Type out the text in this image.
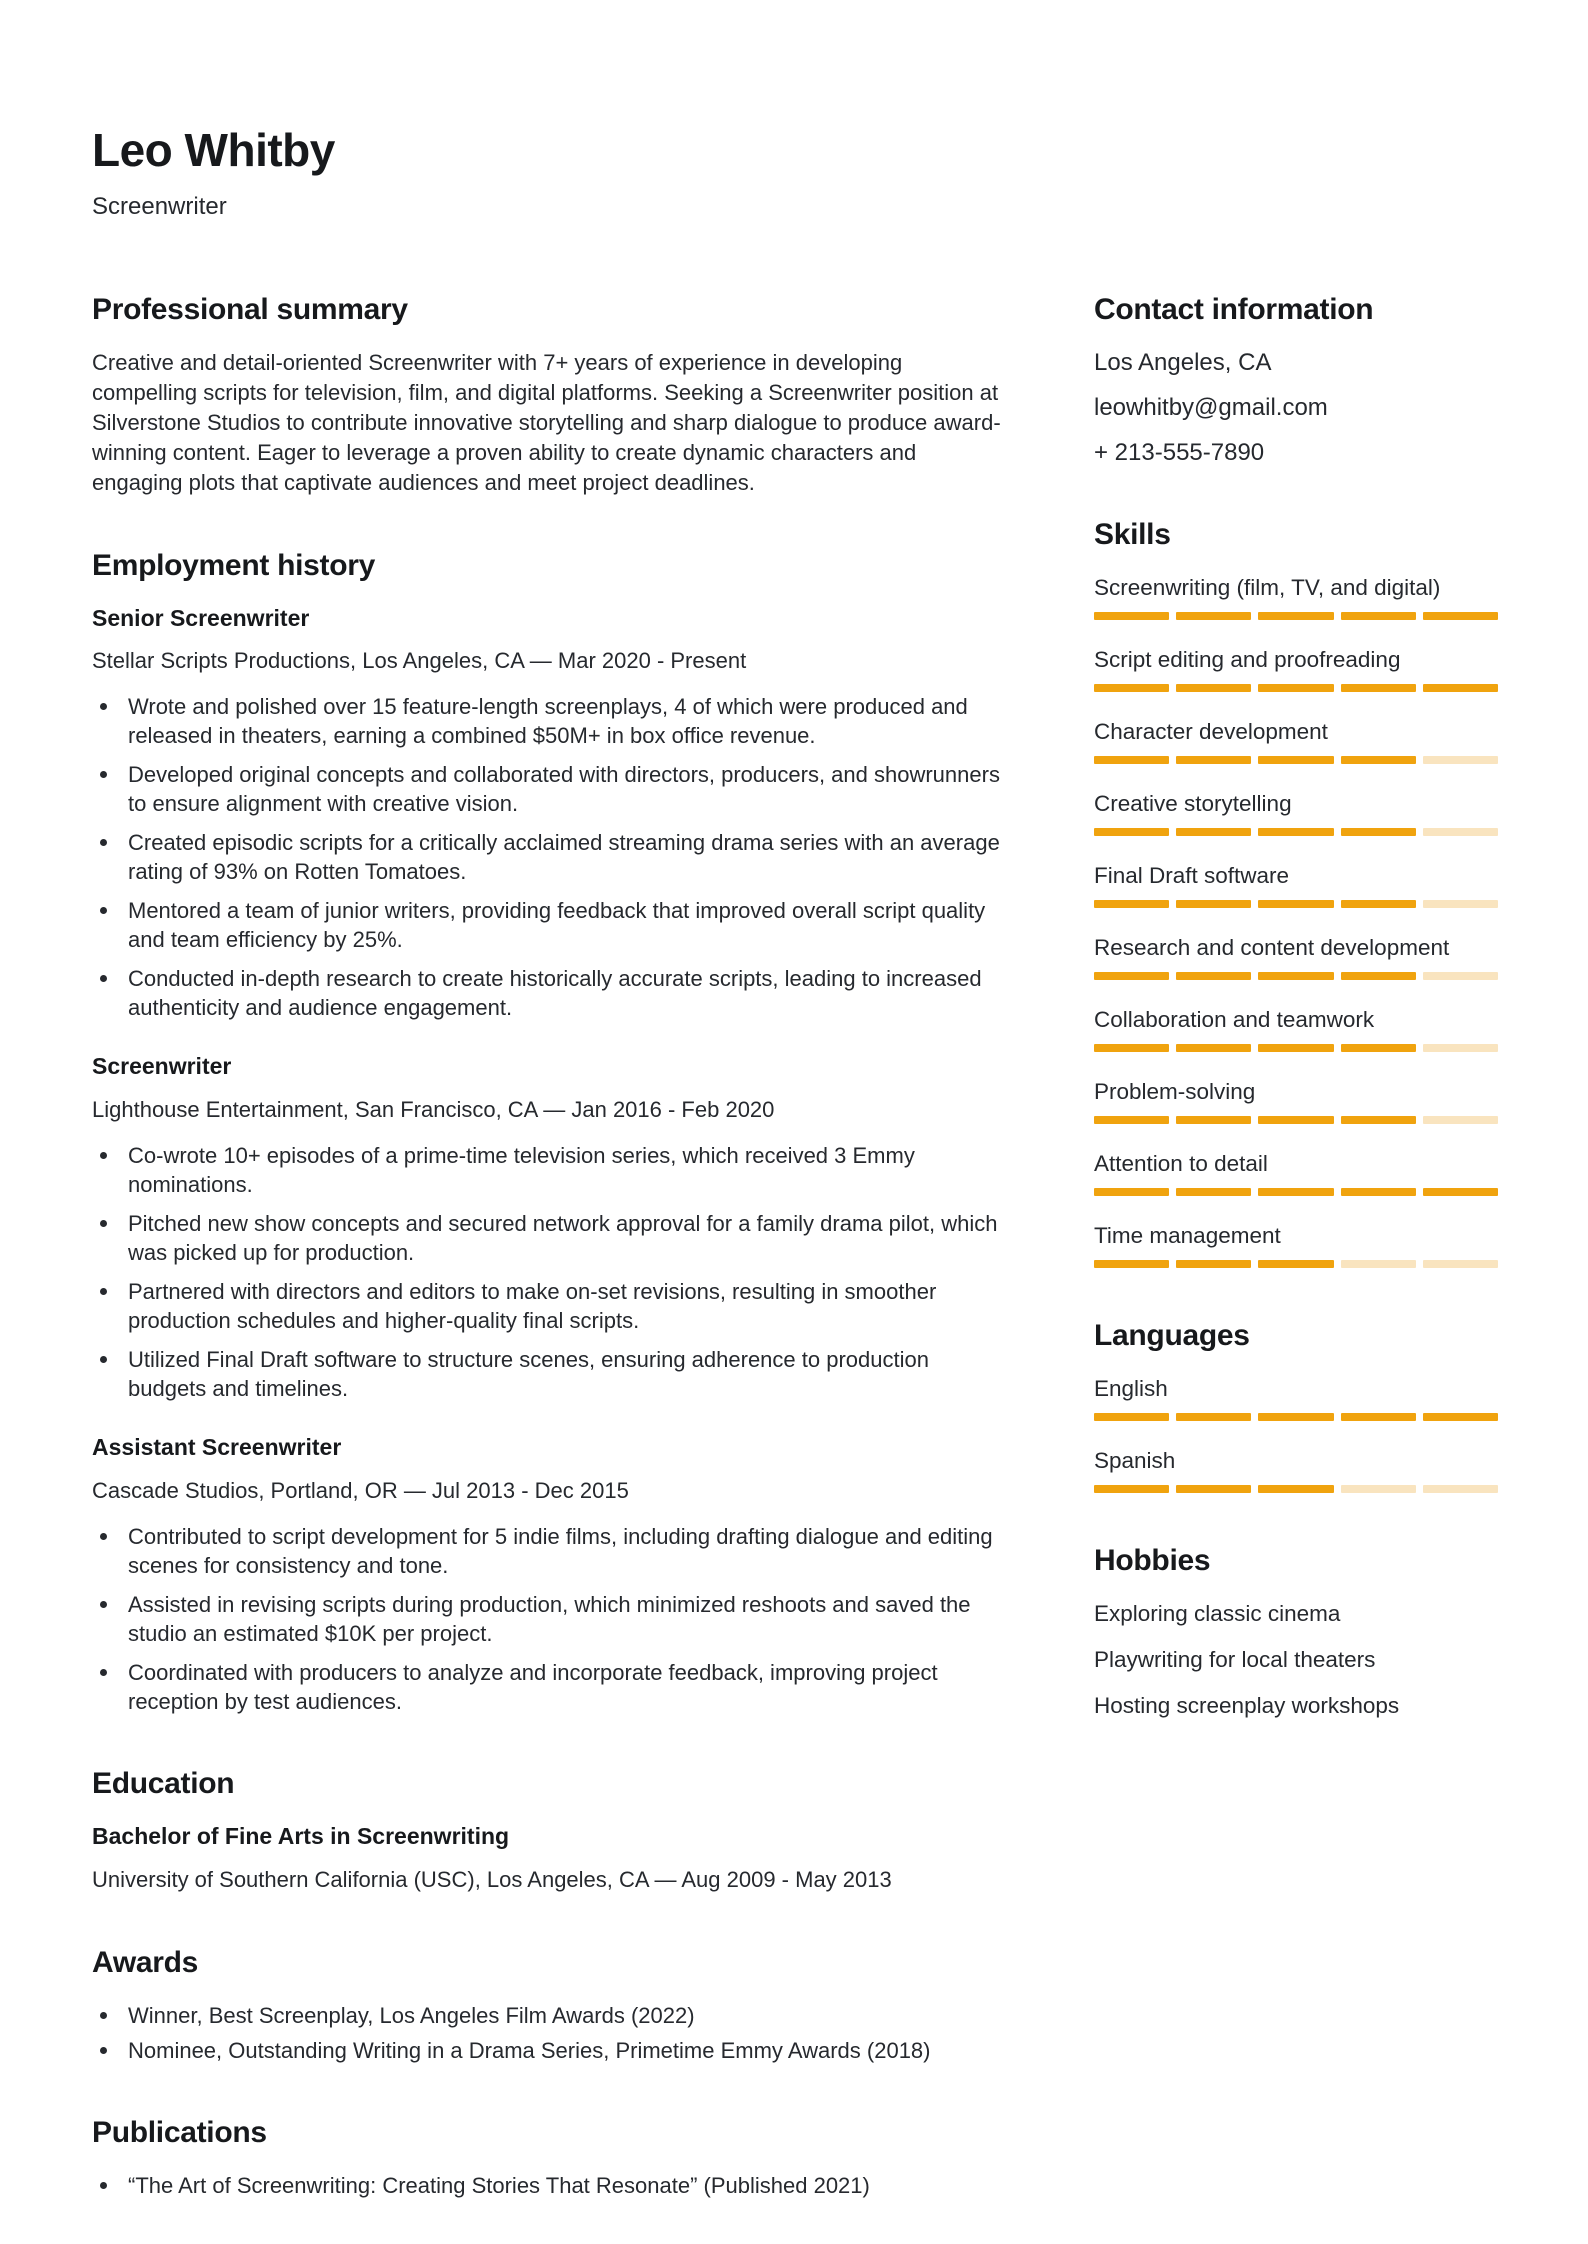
Leo Whitby
Screenwriter
Professional summary

Creative and detail-oriented Screenwriter with 7+ years of experience in developing compelling scripts for television, film, and digital platforms. Seeking a Screenwriter position at Silverstone Studios to contribute innovative storytelling and sharp dialogue to produce award-winning content. Eager to leverage a proven ability to create dynamic characters and engaging plots that captivate audiences and meet project deadlines.

Employment history
Senior Screenwriter

Stellar Scripts Productions, Los Angeles, CA — Mar 2020 - Present

Wrote and polished over 15 feature-length screenplays, 4 of which were produced and released in theaters, earning a combined $50M+ in box office revenue.
Developed original concepts and collaborated with directors, producers, and showrunners to ensure alignment with creative vision.
Created episodic scripts for a critically acclaimed streaming drama series with an average rating of 93% on Rotten Tomatoes.
Mentored a team of junior writers, providing feedback that improved overall script quality and team efficiency by 25%.
Conducted in-depth research to create historically accurate scripts, leading to increased authenticity and audience engagement.
Screenwriter

Lighthouse Entertainment, San Francisco, CA — Jan 2016 - Feb 2020

Co-wrote 10+ episodes of a prime-time television series, which received 3 Emmy nominations.
Pitched new show concepts and secured network approval for a family drama pilot, which was picked up for production.
Partnered with directors and editors to make on-set revisions, resulting in smoother production schedules and higher-quality final scripts.
Utilized Final Draft software to structure scenes, ensuring adherence to production budgets and timelines.
Assistant Screenwriter

Cascade Studios, Portland, OR — Jul 2013 - Dec 2015

Contributed to script development for 5 indie films, including drafting dialogue and editing scenes for consistency and tone.
Assisted in revising scripts during production, which minimized reshoots and saved the studio an estimated $10K per project.
Coordinated with producers to analyze and incorporate feedback, improving project reception by test audiences.
Education
Bachelor of Fine Arts in Screenwriting

University of Southern California (USC), Los Angeles, CA — Aug 2009 - May 2013

Awards
Winner, Best Screenplay, Los Angeles Film Awards (2022)
Nominee, Outstanding Writing in a Drama Series, Primetime Emmy Awards (2018)
Publications
“The Art of Screenwriting: Creating Stories That Resonate” (Published 2021)
Contact information
Los Angeles, CA
leowhitby@gmail.com
+ 213-555-7890
Skills
Screenwriting (film, TV, and digital)
Script editing and proofreading
Character development
Creative storytelling
Final Draft software
Research and content development
Collaboration and teamwork
Problem-solving
Attention to detail
Time management
Languages
English
Spanish
Hobbies
Exploring classic cinema
Playwriting for local theaters
Hosting screenplay workshops
